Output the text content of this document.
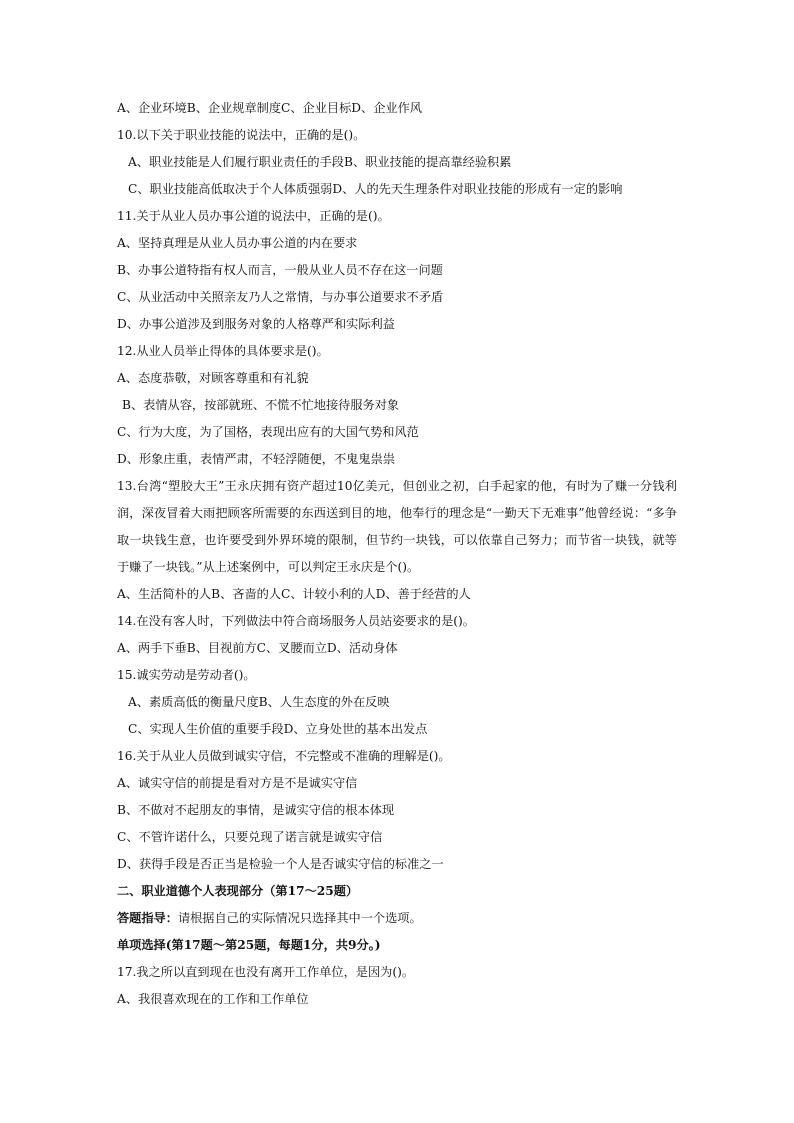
A、企业环境B、企业规章制度C、企业目标D、企业作风
10.以下关于职业技能的说法中，正确的是()。
A、职业技能是人们履行职业责任的手段B、职业技能的提高靠经验积累
C、职业技能高低取决于个人体质强弱D、人的先天生理条件对职业技能的形成有一定的影响
11.关于从业人员办事公道的说法中，正确的是()。
A、坚持真理是从业人员办事公道的内在要求
B、办事公道特指有权人而言，一般从业人员不存在这一问题
C、从业活动中关照亲友乃人之常情，与办事公道要求不矛盾
D、办事公道涉及到服务对象的人格尊严和实际利益
12.从业人员举止得体的具体要求是()。
A、态度恭敬，对顾客尊重和有礼貌
B、表情从容，按部就班、不慌不忙地接待服务对象
C、行为大度，为了国格，表现出应有的大国气势和风范
D、形象庄重，表情严肃，不轻浮随便，不鬼鬼祟祟
13.台湾“塑胶大王”王永庆拥有资产超过10亿美元，但创业之初，白手起家的他，有时为了赚一分钱利润，深夜冒着大雨把顾客所需要的东西送到目的地，他奉行的理念是“一勤天下无难事”他曾经说：“多争取一块钱生意，也许要受到外界环境的限制，但节约一块钱，可以依靠自己努力；而节省一块钱，就等于赚了一块钱。”从上述案例中，可以判定王永庆是个()。
A、生活简朴的人B、吝啬的人C、计较小利的人D、善于经营的人
14.在没有客人时，下列做法中符合商场服务人员站姿要求的是()。
A、两手下垂B、目视前方C、叉腰而立D、活动身体
15.诚实劳动是劳动者()。
A、素质高低的衡量尺度B、人生态度的外在反映
C、实现人生价值的重要手段D、立身处世的基本出发点
16.关于从业人员做到诚实守信，不完整或不准确的理解是()。
A、诚实守信的前提是看对方是不是诚实守信
B、不做对不起朋友的事情，是诚实守信的根本体现
C、不管许诺什么，只要兑现了诺言就是诚实守信
D、获得手段是否正当是检验一个人是否诚实守信的标准之一
二、职业道德个人表现部分（第17～25题）
答题指导：请根据自己的实际情况只选择其中一个选项。
单项选择(第17题～第25题，每题1分，共9分。)
17.我之所以直到现在也没有离开工作单位，是因为()。
A、我很喜欢现在的工作和工作单位
